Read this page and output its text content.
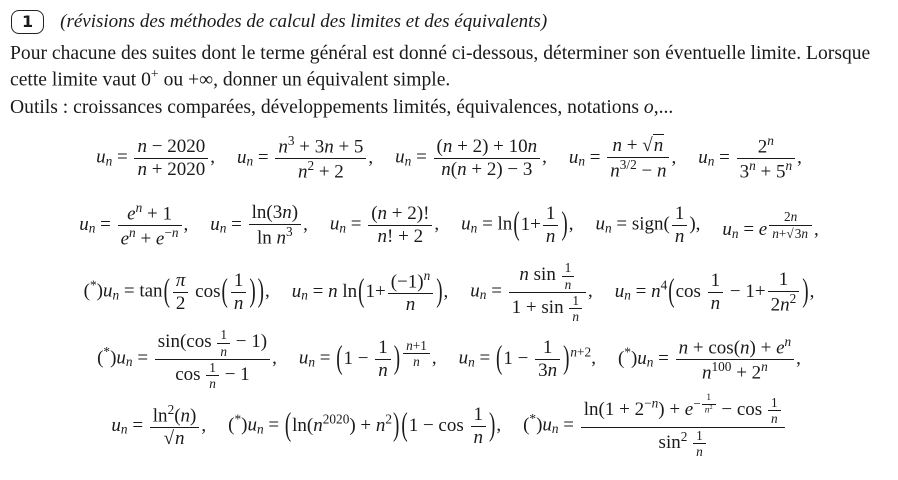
1	(révisions des méthodes de calcul des limites et des équivalents)
Pour chacune des suites dont le terme général est donné ci-dessous, déterminer son éventuelle limite. Lorsque cette limite vaut 0+ ou +∞, donner un équivalent simple.
Outils : croissances comparées, développements limités, équivalences, notations o,...
$u_n = \frac{n - 2020}{n + 2020}$ , $u_n = \frac{n^3 + 3n + 5}{n^2 + 2}$ , $u_n = \frac{(n + 2) + 10n}{n(n + 2) - 3}$ , $u_n = \frac{n + √n}{n^{3/2} - n}$ , $u_n = \frac{2^n}{3^n + 5^n}$ ,
$u_n = \frac{e^n + 1}{e^n + e^{-n}}$ , $u_n = \frac{\ln(3n)}{\ln n^3}$ , $u_n = \frac{(n + 2)!}{n! + 2}$ , $u_n = \ln(1+ \frac{1}{n}$ ), $u_n$ = sign( $\frac{1}{n}$ ), $u_n = e$ $^{\frac{2n}{n+√3n}}$ ,
$(^*)u_n = \tan( \frac{\pi}{2} \cos( \frac{1}{n}$ ) ), $u_n = n$ $\ln(1+ \frac{(-1)^n}{n}$ ), $u_n = \frac{n \sin \frac{1}{n}}{1 + \sin \frac{1}{n}}$ , $u_n = n^4(\cos \frac{1}{n} - 1+ \frac{1}{2n^2}$ ),
$(^*)u_n = \frac{\sin(\cos \frac{1}{n} - 1)}{\cos \frac{1}{n} - 1}$ , $u_n = (1 - \frac{1}{n}$ ) $^{\frac{n+1}{n}}$ , $u_n = (1 - \frac{1}{3n} )^{n+2}$, $(^*)u_n = \frac{n + \cos(n) + e^n}{n^{100} + 2^n}$ ,
$u_n = \frac{\ln^2(n)}{√n}$ , $(^*)u_n = (\ln(n^{2020}) + n^2) (1 - \cos \frac{1}{n}$ ), $(^*)u_n = \ln(1 + 2^{-n}) + e^{- \frac{1}{n^2}} - \cos \frac{1}{n}$
$\sin^2 \frac{1}{n}$
